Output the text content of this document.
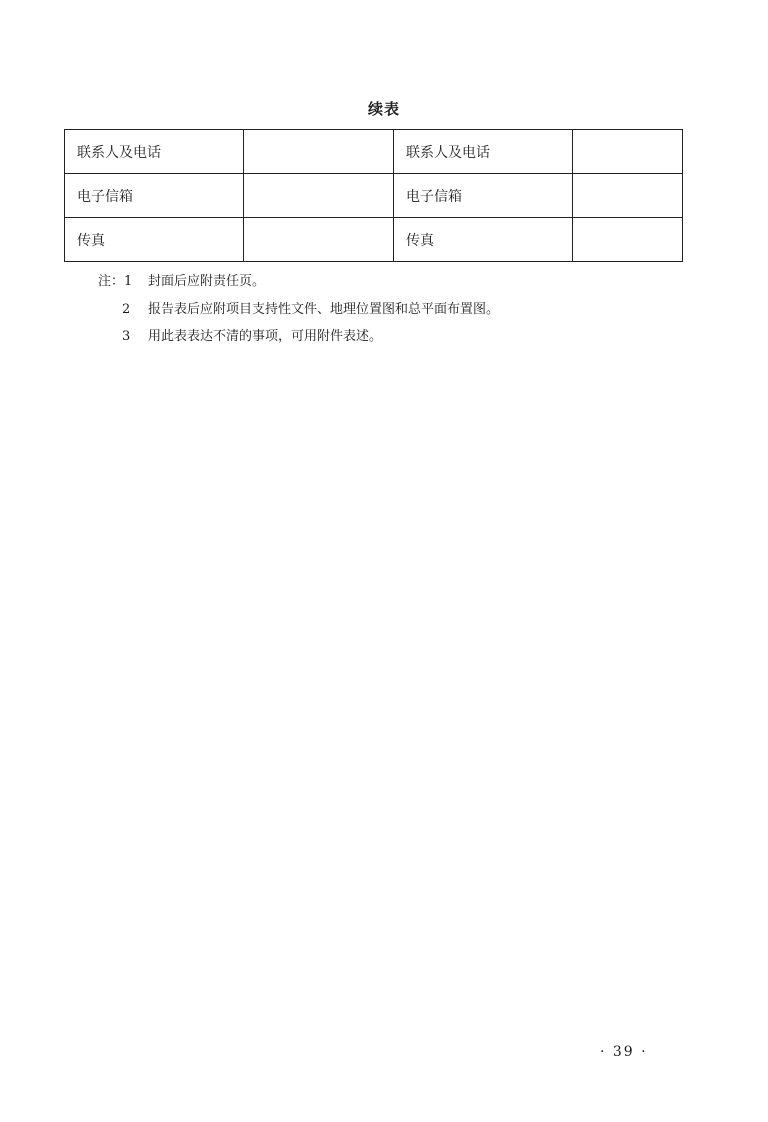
续表
联系人及电话		联系人及电话	
电子信箱		电子信箱	
传真		传真	
注：1 封面后应附责任页。
2 报告表后应附项目支持性文件、地理位置图和总平面布置图。
3 用此表表达不清的事项，可用附件表述。
· 39 ·
